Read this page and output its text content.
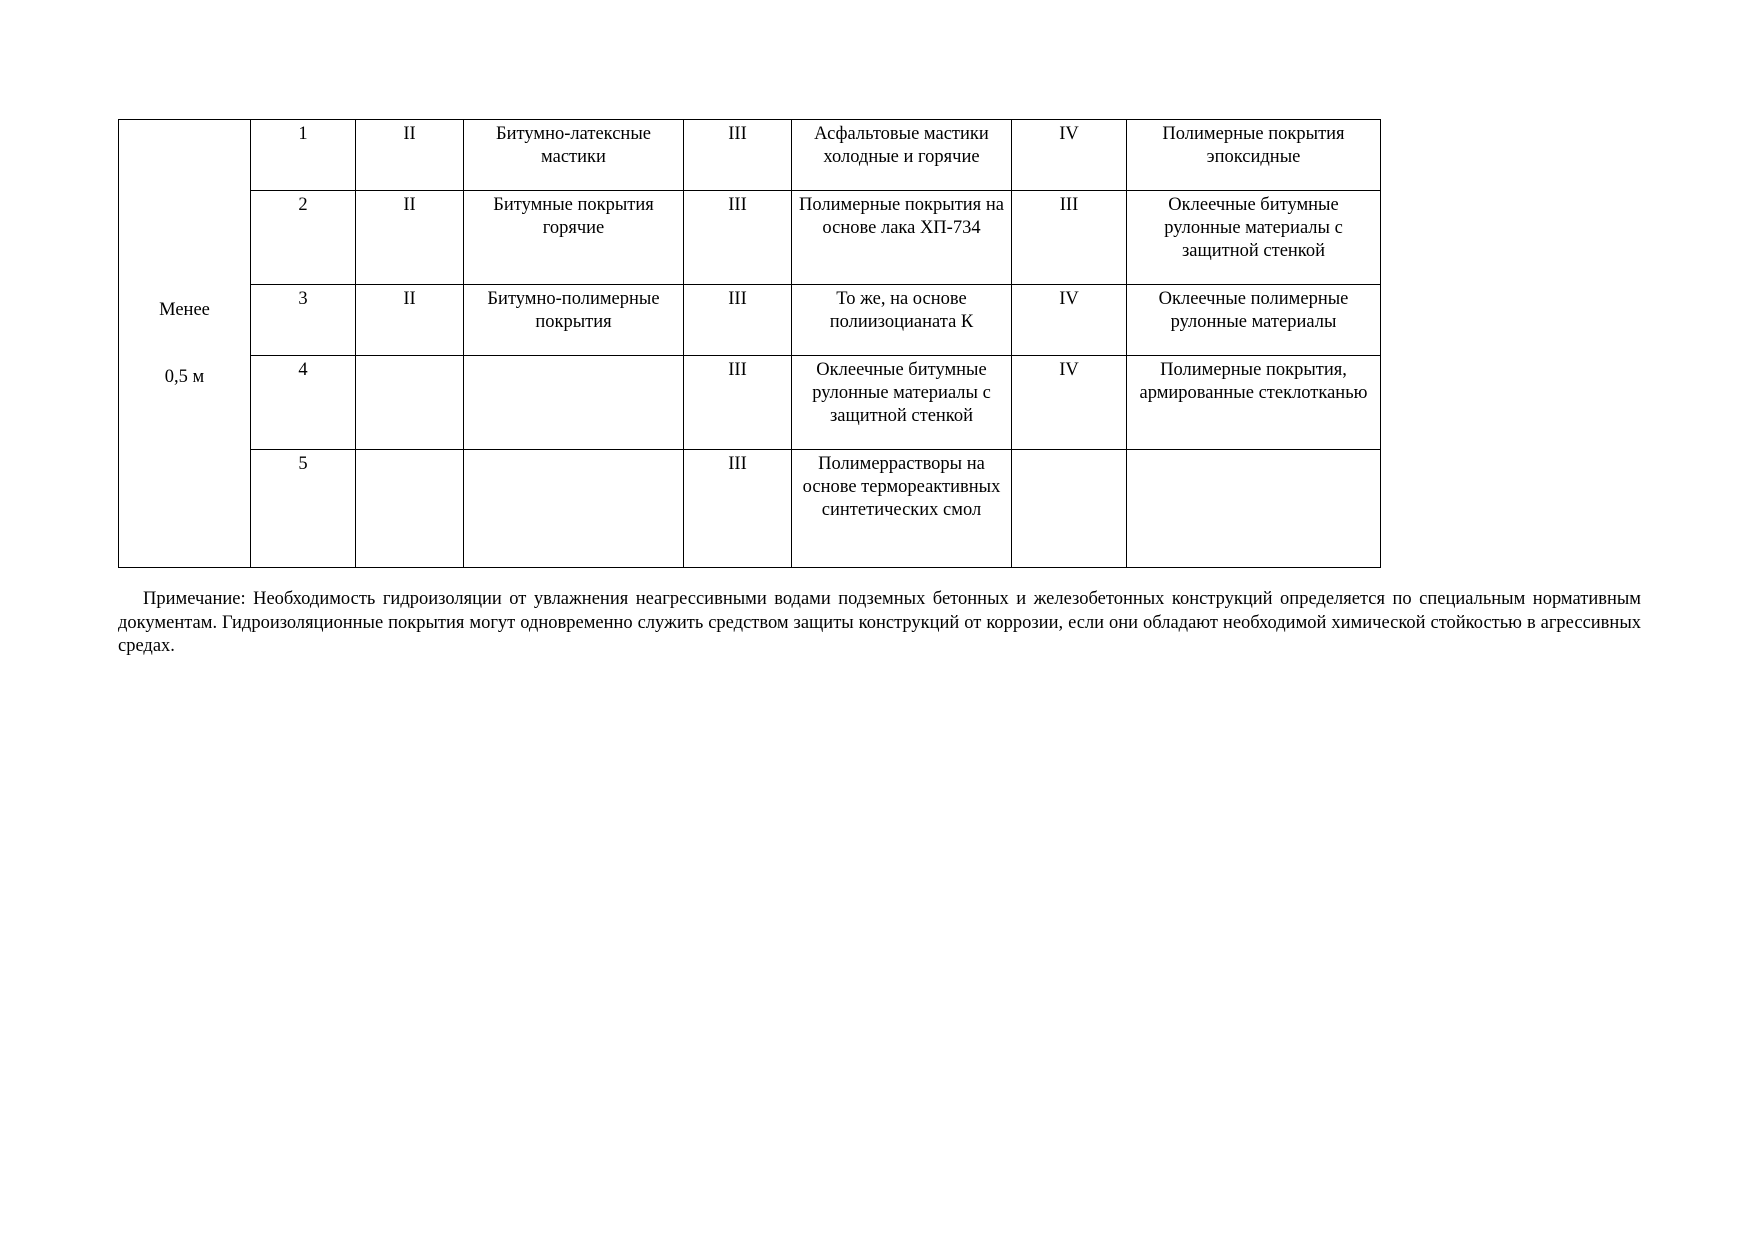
Менее
0,5 м	1	II	Битумно-латексные мастики	III	Асфальтовые мастики холодные и горячие	IV	Полимерные покрытия эпоксидные
	2	II	Битумные покрытия горячие	III	Полимерные покрытия на основе лака ХП-734	III	Оклеечные битумные рулонные материалы с защитной стенкой
	3	II	Битумно-полимерные покрытия	III	То же, на основе полиизоцианата К	IV	Оклеечные полимерные рулонные материалы
	4			III	Оклеечные битумные рулонные материалы с защитной стенкой	IV	Полимерные покрытия, армированные стеклотканью
	5			III	Полимеррастворы на основе термореактивных синтетических смол		

Примечание: Необходимость гидроизоляции от увлажнения неагрессивными водами подземных бетонных и железобетонных конструкций определяется по специальным нормативным документам. Гидроизоляционные покрытия могут одновременно служить средством защиты конструкций от коррозии, если они обладают необходимой химической стойкостью в агрессивных средах.
